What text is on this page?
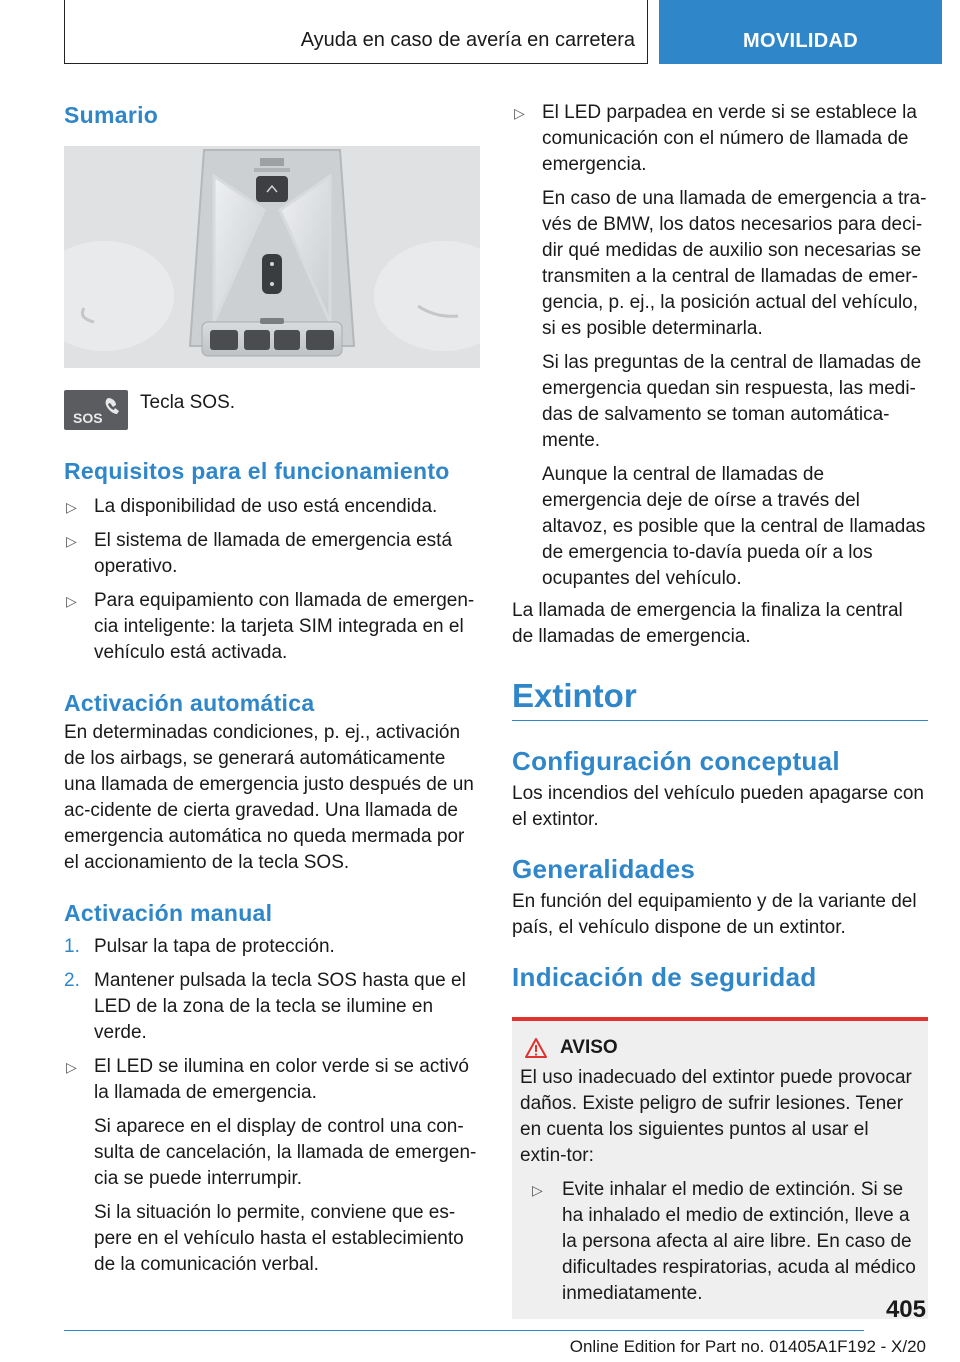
Ayuda en caso de avería en carretera	MOVILIDAD
Sumario
SOS

Tecla SOS.

Requisitos para el funcionamiento
▷ La disponibilidad de uso está encendida.
▷ El sistema de llamada de emergencia está operativo.
▷ Para equipamiento con llamada de emergen-cia inteligente: la tarjeta SIM integrada en el vehículo está activada.
Activación automática

En determinadas condiciones, p. ej., activación de los airbags, se generará automáticamente una llamada de emergencia justo después de un ac-cidente de cierta gravedad. Una llamada de emergencia automática no queda mermada por el accionamiento de la tecla SOS.

Activación manual
1. Pulsar la tapa de protección.
2. Mantener pulsada la tecla SOS hasta que el LED de la zona de la tecla se ilumine en verde.
▷ El LED se ilumina en color verde si se activó la llamada de emergencia.
Si aparece en el display de control una con-sulta de cancelación, la llamada de emergen-cia se puede interrumpir.
Si la situación lo permite, conviene que es-pere en el vehículo hasta el establecimiento de la comunicación verbal.
▷ El LED parpadea en verde si se establece la comunicación con el número de llamada de emergencia.
En caso de una llamada de emergencia a tra-vés de BMW, los datos necesarios para deci-dir qué medidas de auxilio son necesarias se transmiten a la central de llamadas de emer-gencia, p. ej., la posición actual del vehículo, si es posible determinarla.
Si las preguntas de la central de llamadas de emergencia quedan sin respuesta, las medi-das de salvamento se toman automática-mente.
Aunque la central de llamadas de emergencia deje de oírse a través del altavoz, es posible que la central de llamadas de emergencia to-davía pueda oír a los ocupantes del vehículo.

La llamada de emergencia la finaliza la central de llamadas de emergencia.

Extintor
Configuración conceptual

Los incendios del vehículo pueden apagarse con el extintor.

Generalidades

En función del equipamiento y de la variante del país, el vehículo dispone de un extintor.

Indicación de seguridad
AVISO

El uso inadecuado del extintor puede provocar daños. Existe peligro de sufrir lesiones. Tener en cuenta los siguientes puntos al usar el extin-tor:

▷	Evite inhalar el medio de extinción. Si se ha inhalado el medio de extinción, lleve a la persona afecta al aire libre. En caso de dificultades respiratorias, acuda al médico inmediatamente.
405
Online Edition for Part no. 01405A1F192 - X/20
